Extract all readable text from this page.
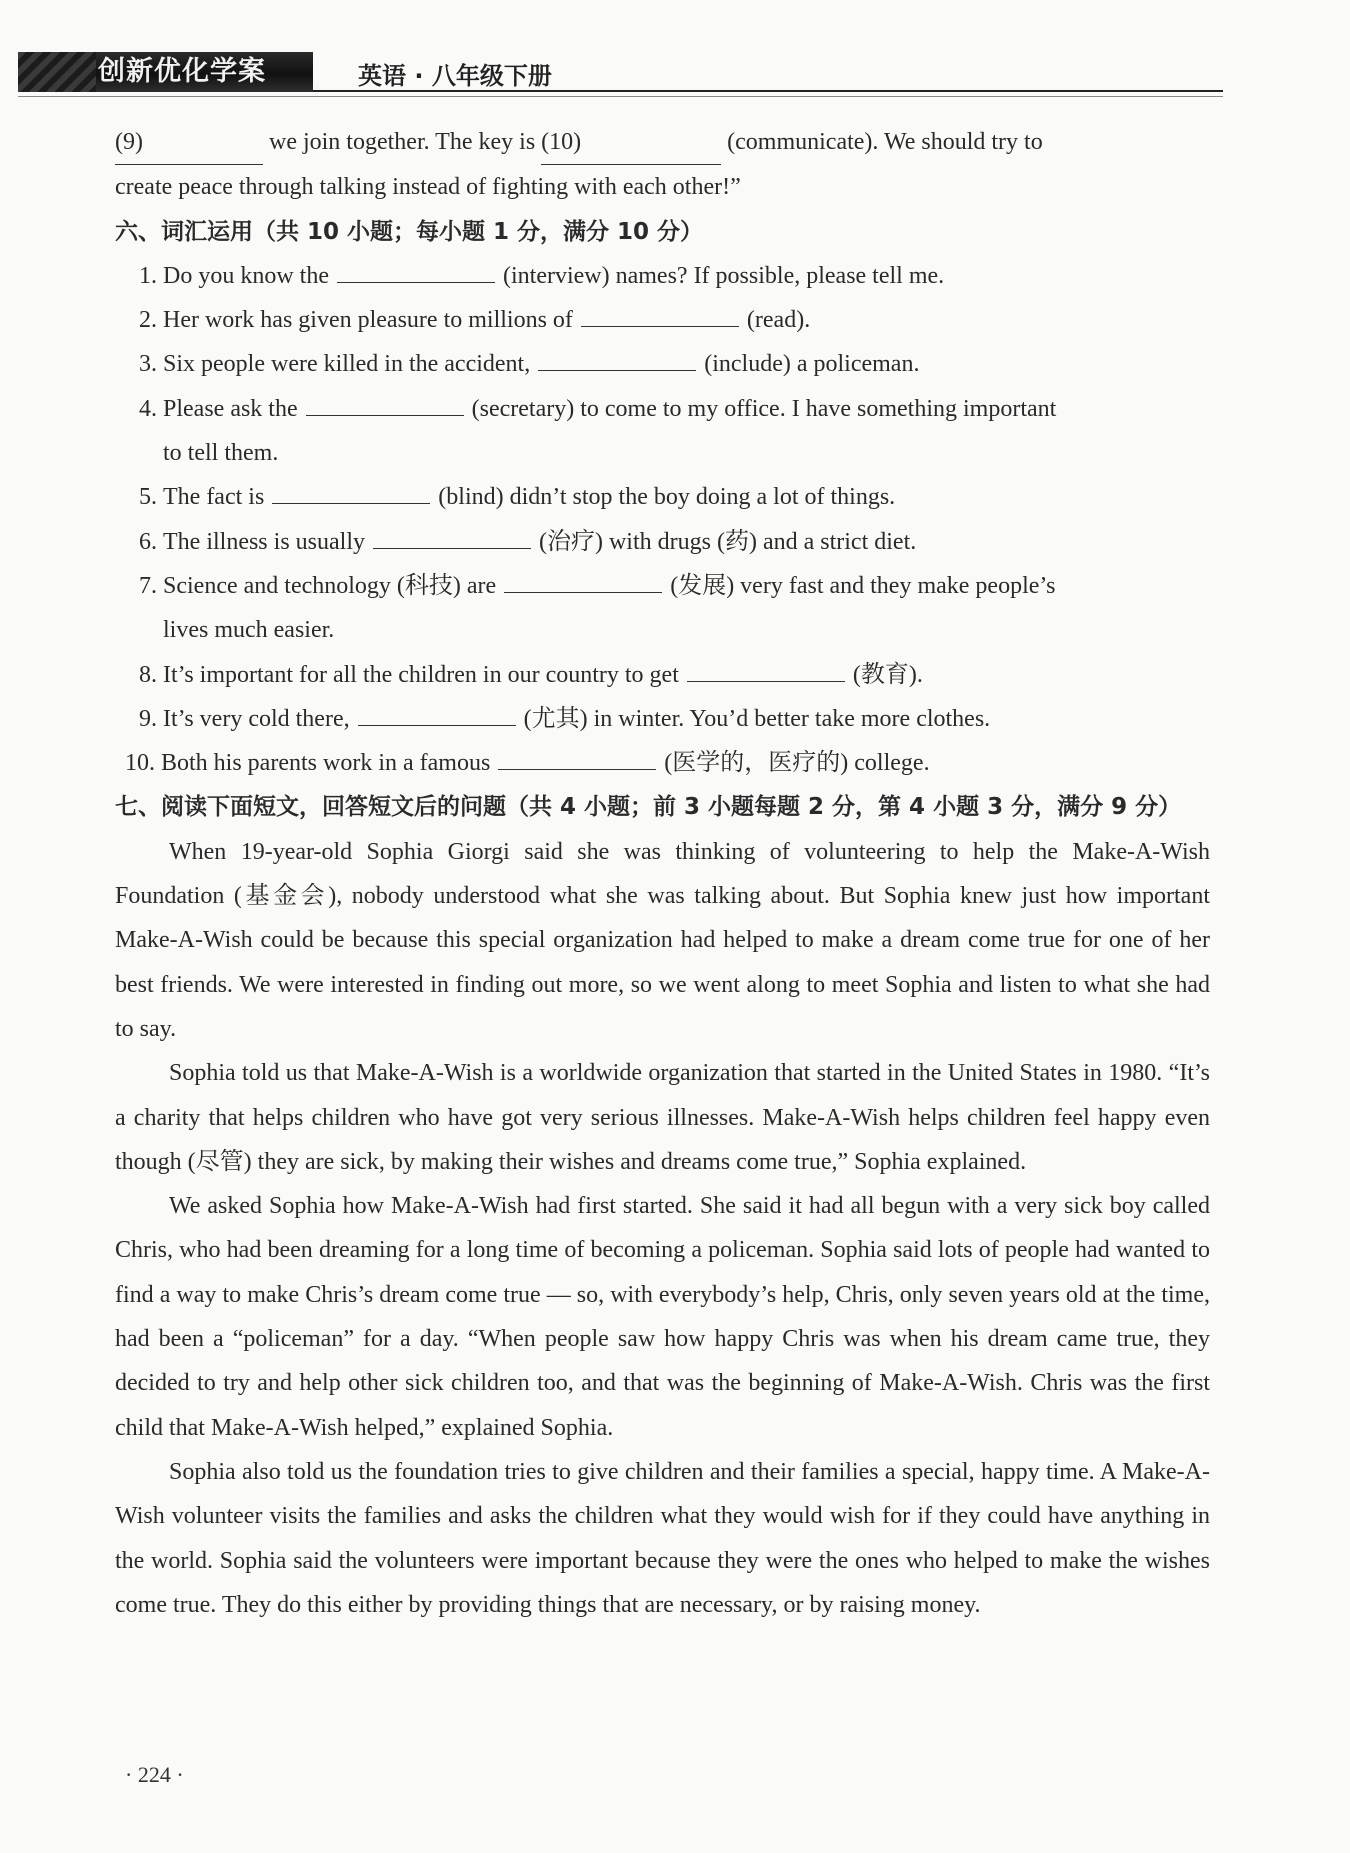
创新优化学案	英语 · 八年级下册
(9)	we join together. The key is (10)	(communicate). We should try to
create peace through talking instead of fighting with each other!”
六、词汇运用（共 10 小题；每小题 1 分，满分 10 分）
1. Do you know the	(interview) names? If possible, please tell me.
2. Her work has given pleasure to millions of	(read).
3. Six people were killed in the accident,	(include) a policeman.
4. Please ask the	(secretary) to come to my office. I have something important
to tell them.
5. The fact is	(blind) didn’t stop the boy doing a lot of things.
6. The illness is usually	(治疗) with drugs (药) and a strict diet.
7. Science and technology (科技) are	(发展) very fast and they make people’s
lives much easier.
8. It’s important for all the children in our country to get	(教育).
9. It’s very cold there,	(尤其) in winter. You’d better take more clothes.
10. Both his parents work in a famous	(医学的，医疗的) college.
七、阅读下面短文，回答短文后的问题（共 4 小题；前 3 小题每题 2 分，第 4 小题 3 分，满分 9 分）
When 19-year-old Sophia Giorgi said she was thinking of volunteering to help the Make-A-Wish Foundation (基金会), nobody understood what she was talking about. But Sophia knew just how important Make-A-Wish could be because this special organization had helped to make a dream come true for one of her best friends. We were interested in finding out more, so we went along to meet Sophia and listen to what she had to say.
Sophia told us that Make-A-Wish is a worldwide organization that started in the United States in 1980. “It’s a charity that helps children who have got very serious illnesses. Make-A-Wish helps children feel happy even though (尽管) they are sick, by making their wishes and dreams come true,” Sophia explained.
We asked Sophia how Make-A-Wish had first started. She said it had all begun with a very sick boy called Chris, who had been dreaming for a long time of becoming a policeman. Sophia said lots of people had wanted to find a way to make Chris’s dream come true — so, with everybody’s help, Chris, only seven years old at the time, had been a “policeman” for a day. “When people saw how happy Chris was when his dream came true, they decided to try and help other sick children too, and that was the beginning of Make-A-Wish. Chris was the first child that Make-A-Wish helped,” explained Sophia.
Sophia also told us the foundation tries to give children and their families a special, happy time. A Make-A-Wish volunteer visits the families and asks the children what they would wish for if they could have anything in the world. Sophia said the volunteers were important because they were the ones who helped to make the wishes come true. They do this either by providing things that are necessary, or by raising money.
· 224 ·
